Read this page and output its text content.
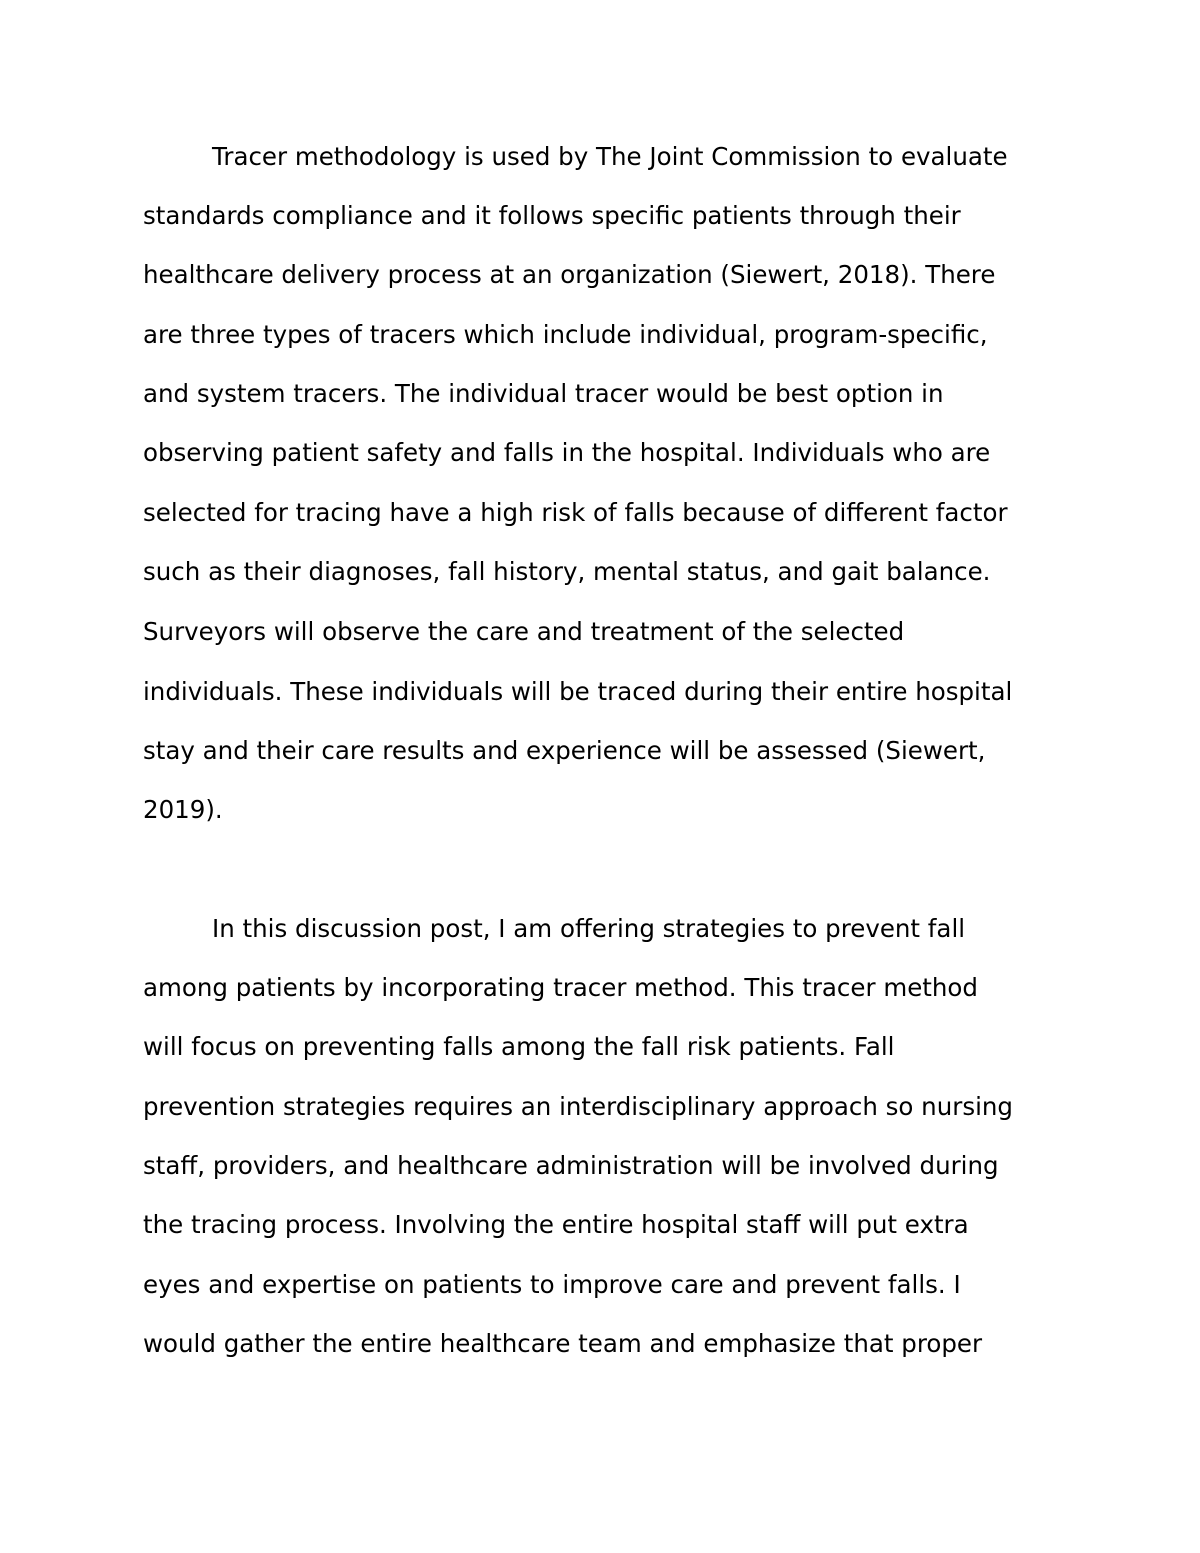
Tracer methodology is used by The Joint Commission to evaluate
standards compliance and it follows specific patients through their
healthcare delivery process at an organization (Siewert, 2018). There
are three types of tracers which include individual, program-specific,
and system tracers. The individual tracer would be best option in
observing patient safety and falls in the hospital. Individuals who are
selected for tracing have a high risk of falls because of different factor
such as their diagnoses, fall history, mental status, and gait balance.
Surveyors will observe the care and treatment of the selected
individuals. These individuals will be traced during their entire hospital
stay and their care results and experience will be assessed (Siewert,
2019).
In this discussion post, I am offering strategies to prevent fall
among patients by incorporating tracer method. This tracer method
will focus on preventing falls among the fall risk patients. Fall
prevention strategies requires an interdisciplinary approach so nursing
staff, providers, and healthcare administration will be involved during
the tracing process. Involving the entire hospital staff will put extra
eyes and expertise on patients to improve care and prevent falls. I
would gather the entire healthcare team and emphasize that proper
